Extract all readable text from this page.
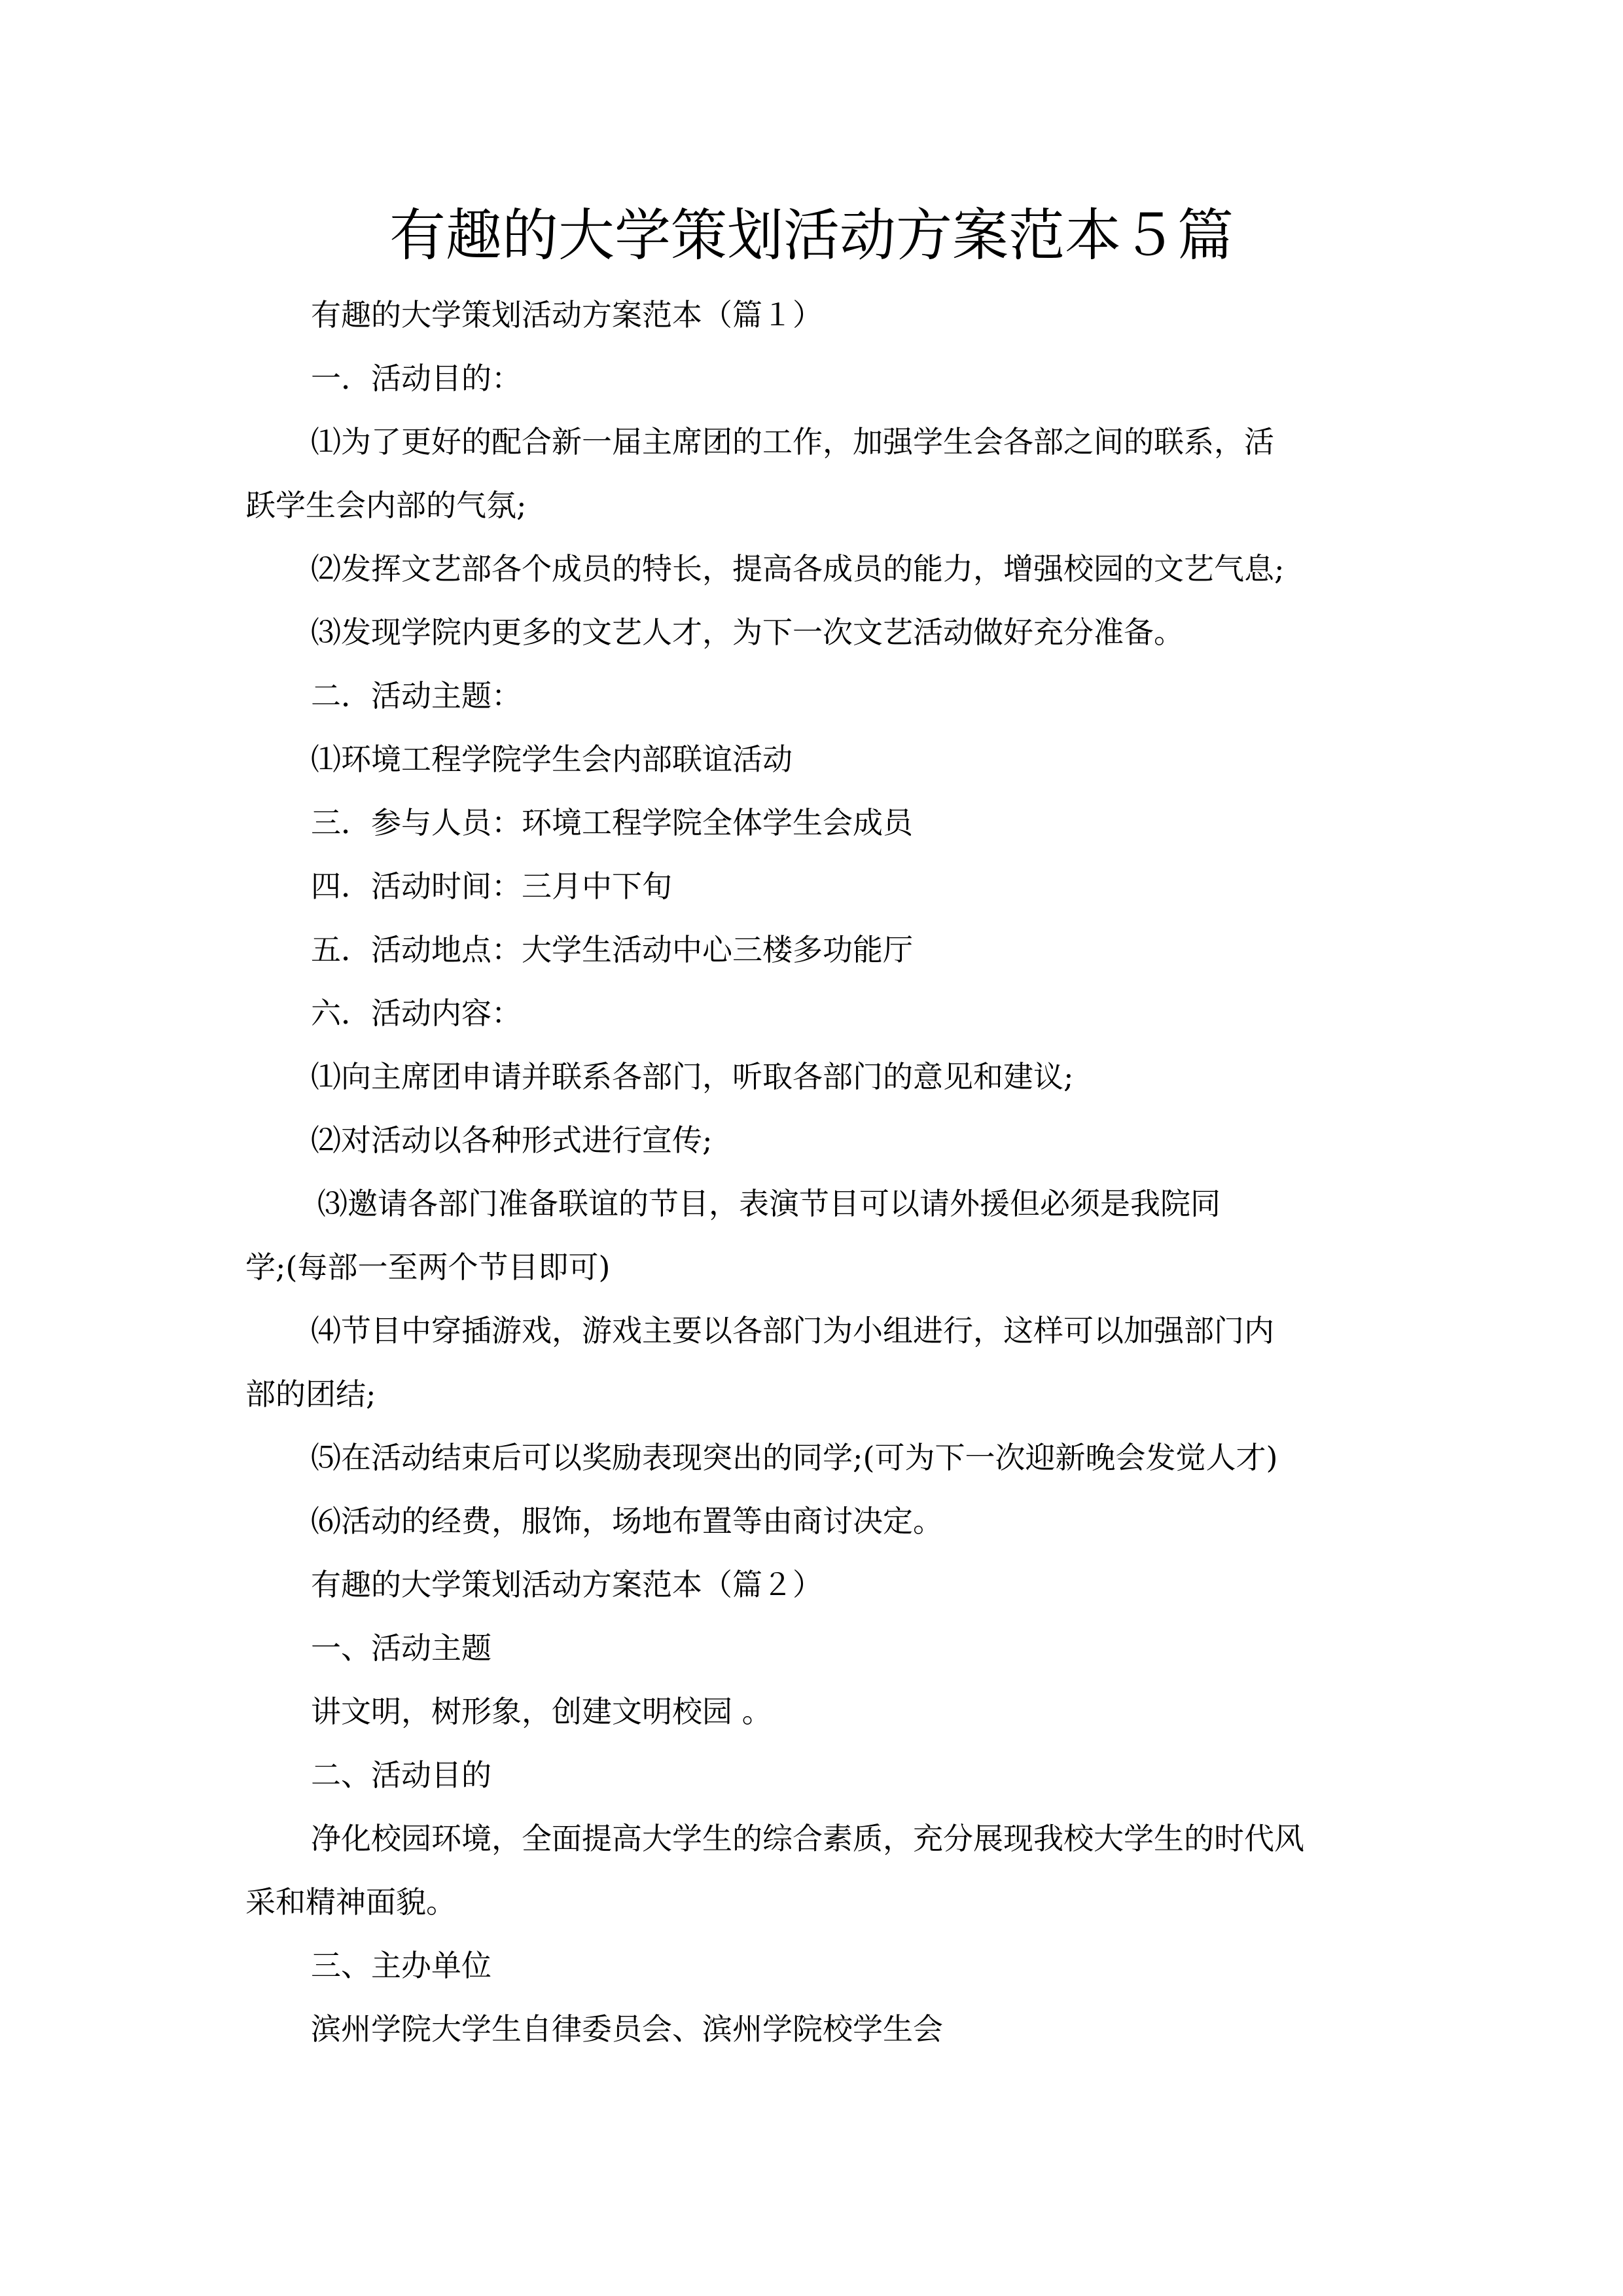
有趣的大学策划活动方案范本５篇
有趣的大学策划活动方案范本（篇１）
一．活动目的：
⑴为了更好的配合新一届主席团的工作，加强学生会各部之间的联系，活
跃学生会内部的气氛;
⑵发挥文艺部各个成员的特长，提高各成员的能力，增强校园的文艺气息;
⑶发现学院内更多的文艺人才，为下一次文艺活动做好充分准备。
二．活动主题：
⑴环境工程学院学生会内部联谊活动
三．参与人员：环境工程学院全体学生会成员
四．活动时间：三月中下旬
五．活动地点：大学生活动中心三楼多功能厅
六．活动内容：
⑴向主席团申请并联系各部门，听取各部门的意见和建议;
⑵对活动以各种形式进行宣传;
⑶邀请各部门准备联谊的节目，表演节目可以请外援但必须是我院同
学;(每部一至两个节目即可)
⑷节目中穿插游戏，游戏主要以各部门为小组进行，这样可以加强部门内
部的团结;
⑸在活动结束后可以奖励表现突出的同学;(可为下一次迎新晚会发觉人才)
⑹活动的经费，服饰，场地布置等由商讨决定。
有趣的大学策划活动方案范本（篇２）
一、活动主题
讲文明，树形象，创建文明校园 。
二、活动目的
净化校园环境，全面提高大学生的综合素质，充分展现我校大学生的时代风
采和精神面貌。
三、主办单位
滨州学院大学生自律委员会、滨州学院校学生会
